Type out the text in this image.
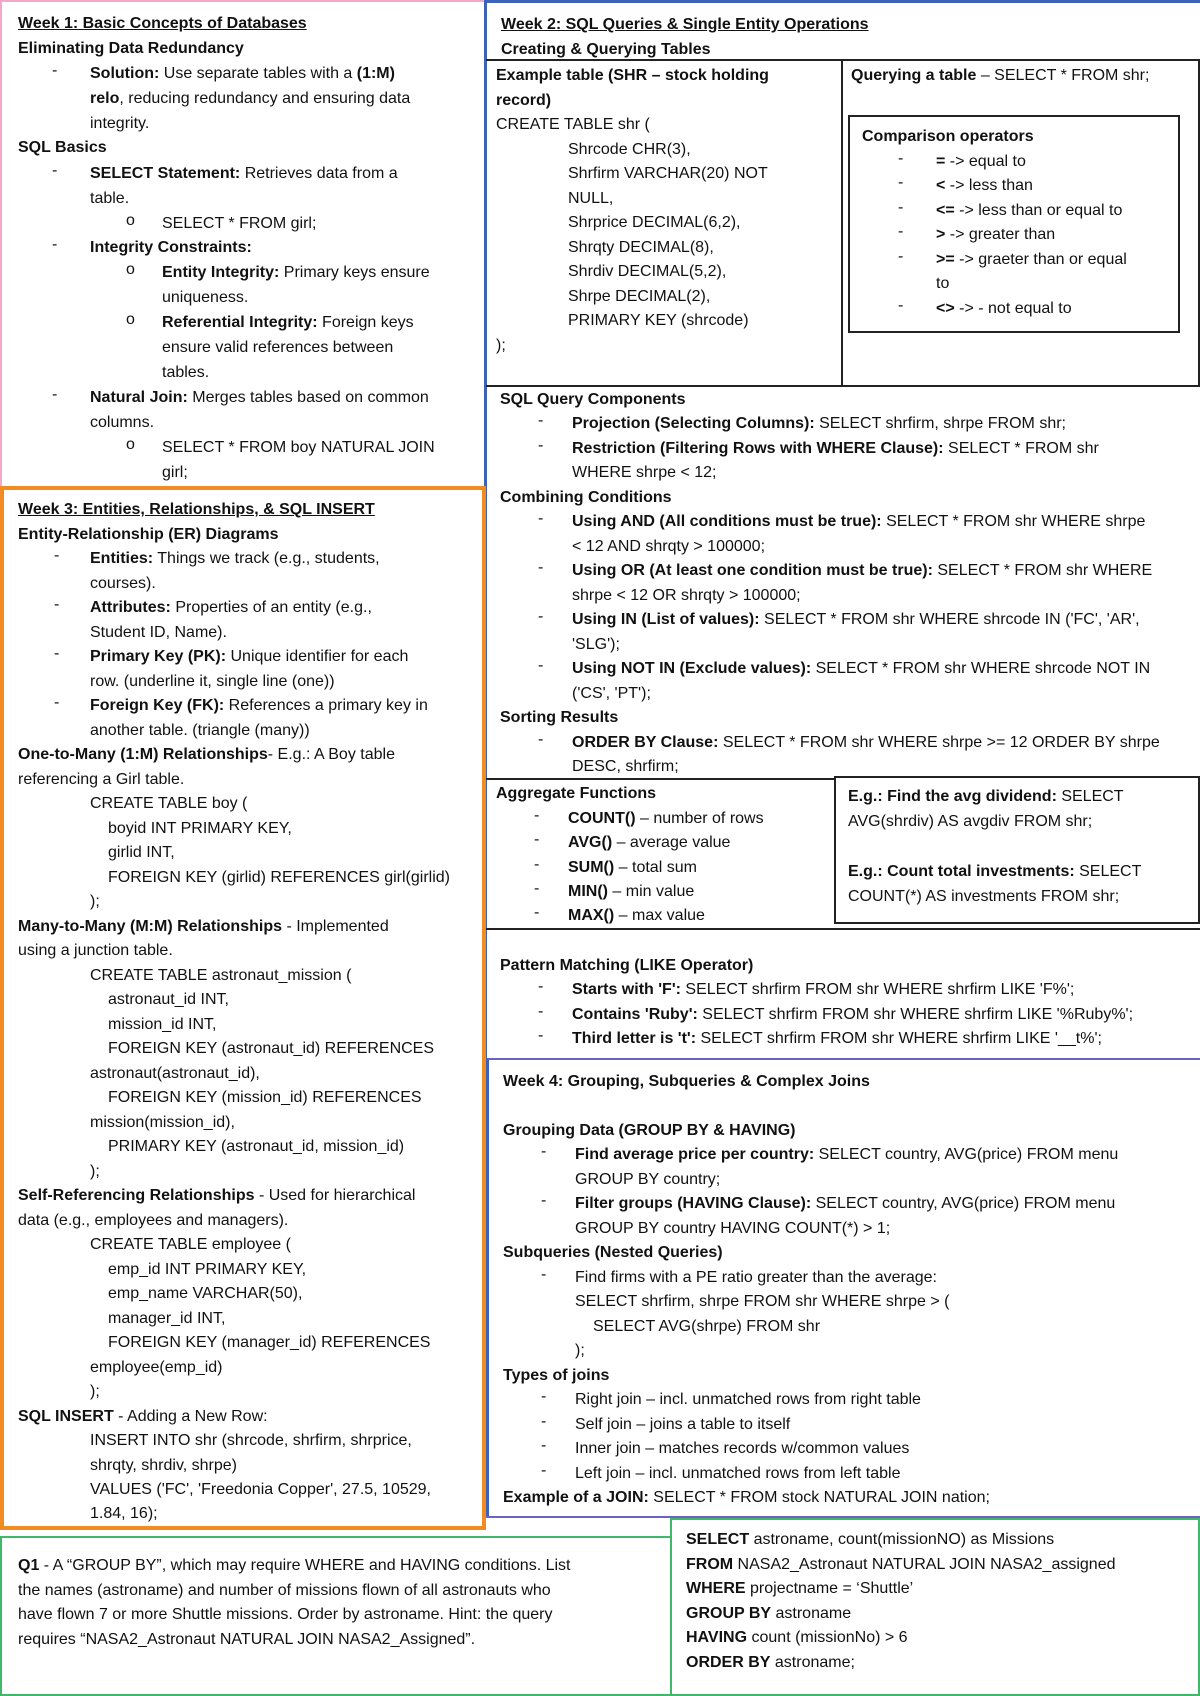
Week 1: Basic Concepts of Databases
Eliminating Data Redundancy
- Solution: Use separate tables with a (1:M)
relo, reducing redundancy and ensuring data
integrity.
SQL Basics
- SELECT Statement: Retrieves data from a
table.
o SELECT * FROM girl;
- Integrity Constraints:
o Entity Integrity: Primary keys ensure
uniqueness.
o Referential Integrity: Foreign keys
ensure valid references between
tables.
- Natural Join: Merges tables based on common
columns.
o SELECT * FROM boy NATURAL JOIN
girl;
Week 2: SQL Queries & Single Entity Operations
Creating & Querying Tables
Example table (SHR – stock holding
record)
CREATE TABLE shr (
Shrcode CHR(3),
Shrfirm VARCHAR(20) NOT
NULL,
Shrprice DECIMAL(6,2),
Shrqty DECIMAL(8),
Shrdiv DECIMAL(5,2),
Shrpe DECIMAL(2),
PRIMARY KEY (shrcode)
);
Querying a table – SELECT * FROM shr;
Comparison operators
- = -> equal to
- < -> less than
- <= -> less than or equal to
- > -> greater than
- >= -> graeter than or equal
to
- <> -> - not equal to
SQL Query Components
- Projection (Selecting Columns): SELECT shrfirm, shrpe FROM shr;
- Restriction (Filtering Rows with WHERE Clause): SELECT * FROM shr
WHERE shrpe < 12;
Combining Conditions
- Using AND (All conditions must be true): SELECT * FROM shr WHERE shrpe
< 12 AND shrqty > 100000;
- Using OR (At least one condition must be true): SELECT * FROM shr WHERE
shrpe < 12 OR shrqty > 100000;
- Using IN (List of values): SELECT * FROM shr WHERE shrcode IN ('FC', 'AR',
'SLG');
- Using NOT IN (Exclude values): SELECT * FROM shr WHERE shrcode NOT IN
('CS', 'PT');
Sorting Results
- ORDER BY Clause: SELECT * FROM shr WHERE shrpe >= 12 ORDER BY shrpe
DESC, shrfirm;
Aggregate Functions
- COUNT() – number of rows
- AVG() – average value
- SUM() – total sum
- MIN() – min value
- MAX() – max value
E.g.: Find the avg dividend: SELECT
AVG(shrdiv) AS avgdiv FROM shr;
E.g.: Count total investments: SELECT
COUNT(*) AS investments FROM shr;
Pattern Matching (LIKE Operator)
- Starts with 'F': SELECT shrfirm FROM shr WHERE shrfirm LIKE 'F%';
- Contains 'Ruby': SELECT shrfirm FROM shr WHERE shrfirm LIKE '%Ruby%';
- Third letter is 't': SELECT shrfirm FROM shr WHERE shrfirm LIKE '__t%';
Week 3: Entities, Relationships, & SQL INSERT
Entity-Relationship (ER) Diagrams
- Entities: Things we track (e.g., students,
courses).
- Attributes: Properties of an entity (e.g.,
Student ID, Name).
- Primary Key (PK): Unique identifier for each
row. (underline it, single line (one))
- Foreign Key (FK): References a primary key in
another table. (triangle (many))
One-to-Many (1:M) Relationships- E.g.: A Boy table
referencing a Girl table.
CREATE TABLE boy (
boyid INT PRIMARY KEY,
girlid INT,
FOREIGN KEY (girlid) REFERENCES girl(girlid)
);
Many-to-Many (M:M) Relationships - Implemented
using a junction table.
CREATE TABLE astronaut_mission (
astronaut_id INT,
mission_id INT,
FOREIGN KEY (astronaut_id) REFERENCES
astronaut(astronaut_id),
FOREIGN KEY (mission_id) REFERENCES
mission(mission_id),
PRIMARY KEY (astronaut_id, mission_id)
);
Self-Referencing Relationships - Used for hierarchical
data (e.g., employees and managers).
CREATE TABLE employee (
emp_id INT PRIMARY KEY,
emp_name VARCHAR(50),
manager_id INT,
FOREIGN KEY (manager_id) REFERENCES
employee(emp_id)
);
SQL INSERT - Adding a New Row:
INSERT INTO shr (shrcode, shrfirm, shrprice,
shrqty, shrdiv, shrpe)
VALUES ('FC', 'Freedonia Copper', 27.5, 10529,
1.84, 16);
Week 4: Grouping, Subqueries & Complex Joins
Grouping Data (GROUP BY & HAVING)
- Find average price per country: SELECT country, AVG(price) FROM menu
GROUP BY country;
- Filter groups (HAVING Clause): SELECT country, AVG(price) FROM menu
GROUP BY country HAVING COUNT(*) > 1;
Subqueries (Nested Queries)
- Find firms with a PE ratio greater than the average:
SELECT shrfirm, shrpe FROM shr WHERE shrpe > (
SELECT AVG(shrpe) FROM shr
);
Types of joins
- Right join – incl. unmatched rows from right table
- Self join – joins a table to itself
- Inner join – matches records w/common values
- Left join – incl. unmatched rows from left table
Example of a JOIN: SELECT * FROM stock NATURAL JOIN nation;
Q1 - A “GROUP BY”, which may require WHERE and HAVING conditions. List
the names (astroname) and number of missions flown of all astronauts who
have flown 7 or more Shuttle missions. Order by astroname. Hint: the query
requires “NASA2_Astronaut NATURAL JOIN NASA2_Assigned”.
SELECT astroname, count(missionNO) as Missions
FROM NASA2_Astronaut NATURAL JOIN NASA2_assigned
WHERE projectname = ‘Shuttle’
GROUP BY astroname
HAVING count (missionNo) > 6
ORDER BY astroname;
